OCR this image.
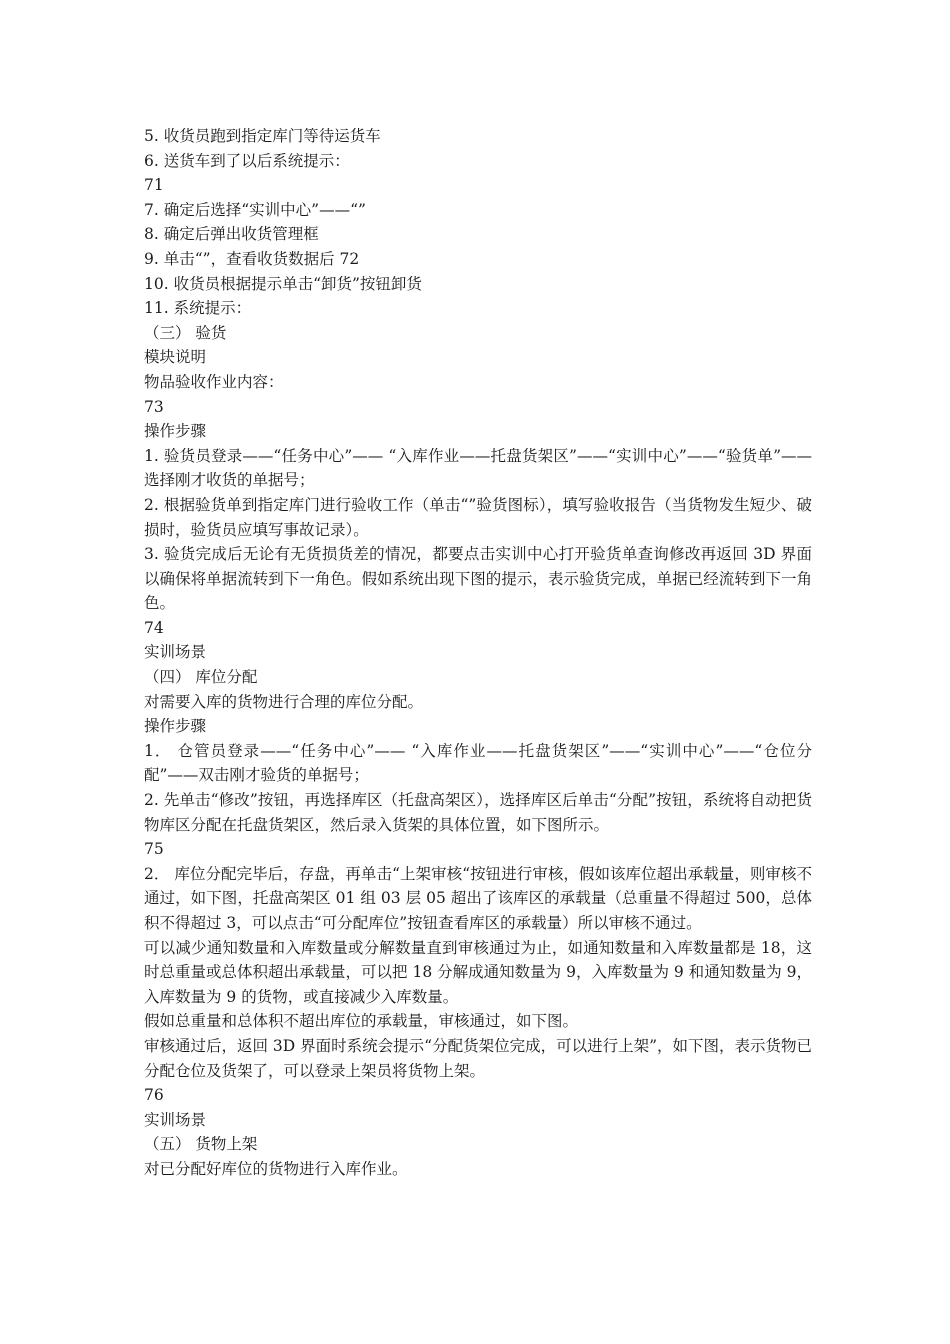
5. 收货员跑到指定库门等待运货车

6. 送货车到了以后系统提示：

71

7. 确定后选择“实训中心”——“”

8. 确定后弹出收货管理框

9. 单击“”，查看收货数据后 72

10. 收货员根据提示单击“卸货”按钮卸货

11. 系统提示：

（三） 验货

模块说明

物品验收作业内容：

73

操作步骤

1. 验货员登录——“任务中心”—— “入库作业——托盘货架区”——“实训中心”——“验货单”——选择刚才收货的单据号；

2. 根据验货单到指定库门进行验收工作（单击“”验货图标），填写验收报告（当货物发生短少、破损时，验货员应填写事故记录）。

3. 验货完成后无论有无货损货差的情况，都要点击实训中心打开验货单查询修改再返回 3D 界面以确保将单据流转到下一角色。假如系统出现下图的提示，表示验货完成，单据已经流转到下一角色。

74

实训场景

（四） 库位分配

对需要入库的货物进行合理的库位分配。

操作步骤

1． 仓管员登录——“任务中心”—— “入库作业——托盘货架区”——“实训中心”——“仓位分配”——双击刚才验货的单据号；

2. 先单击“修改”按钮，再选择库区（托盘高架区），选择库区后单击“分配”按钮，系统将自动把货物库区分配在托盘货架区，然后录入货架的具体位置，如下图所示。

75

2． 库位分配完毕后，存盘，再单击“上架审核“按钮进行审核，假如该库位超出承载量，则审核不通过，如下图，托盘高架区 01 组 03 层 05 超出了该库区的承载量（总重量不得超过 500，总体积不得超过 3，可以点击“可分配库位”按钮查看库区的承载量）所以审核不通过。

可以减少通知数量和入库数量或分解数量直到审核通过为止，如通知数量和入库数量都是 18，这时总重量或总体积超出承载量，可以把 18 分解成通知数量为 9，入库数量为 9 和通知数量为 9，入库数量为 9 的货物，或直接减少入库数量。

假如总重量和总体积不超出库位的承载量，审核通过，如下图。

审核通过后，返回 3D 界面时系统会提示“分配货架位完成，可以进行上架”，如下图，表示货物已分配仓位及货架了，可以登录上架员将货物上架。

76

实训场景

（五） 货物上架

对已分配好库位的货物进行入库作业。
